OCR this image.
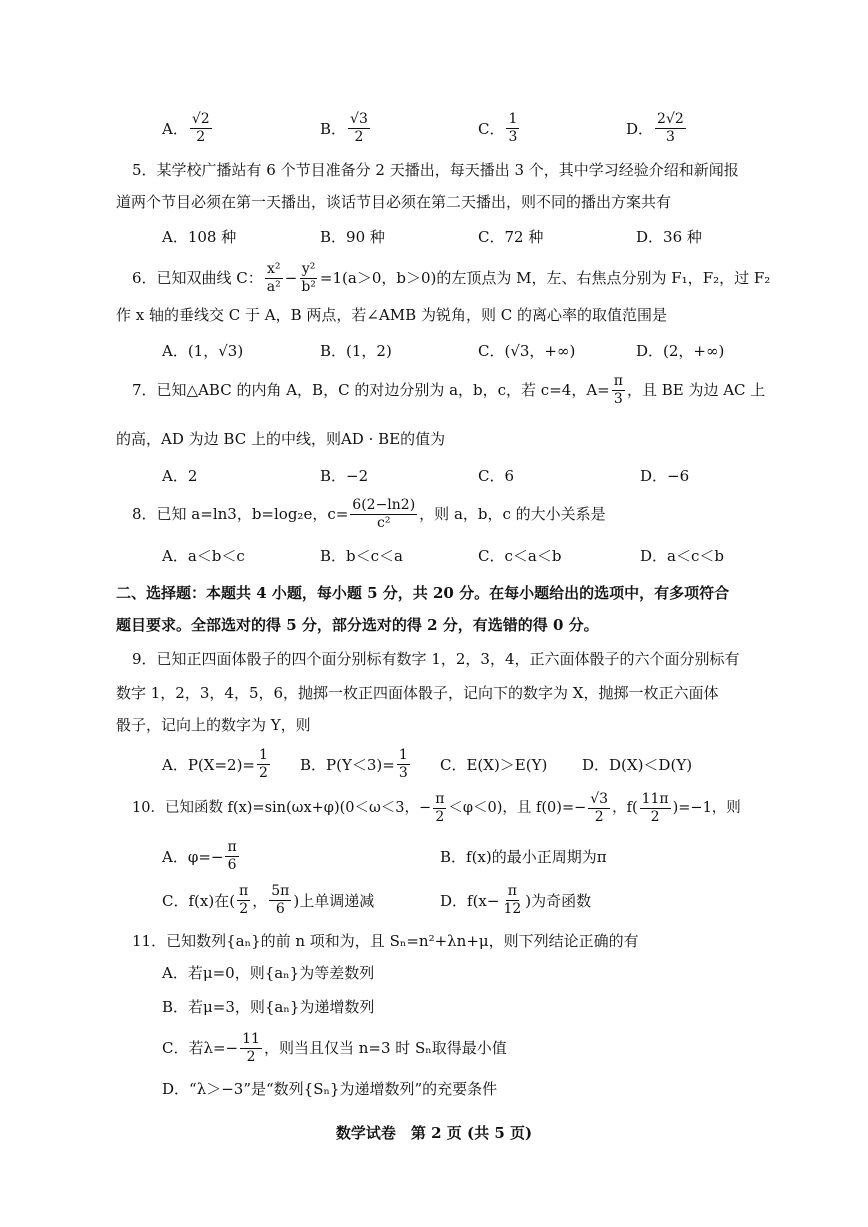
A． $\frac{√2}{2}$	B． $\frac{√3}{2}$	C． $\frac{1}{3}$	D． $\frac{2√2}{3}$
5．某学校广播站有 6 个节目准备分 2 天播出，每天播出 3 个，其中学习经验介绍和新闻报
道两个节目必须在第一天播出，谈话节目必须在第二天播出，则不同的播出方案共有
A．108 种	B．90 种	C．72 种	D．36 种
6．已知双曲线 C： $\frac{\text{x²}}{\text{a²}} - \frac{\text{y²}}{\text{b²}} =1(a>0$，b＞0)的左顶点为 M，左、右焦点分别为 F₁，F₂，过 F₂
作 x 轴的垂线交 C 于 A，B 两点，若∠AMB 为锐角，则 C 的离心率的取值范围是
A．(1，√3)	B．(1，2)	C．(√3，+∞)	D．(2，+∞)
7．已知△ABC 的内角 A，B，C 的对边分别为 a，b，c，若 c=4，$A= \frac{\pi}{3}$ ，且 BE 为边 AC 上
的高，AD 为边 BC 上的中线，则AD · BE的值为
A．2	B．−2	C．6	D．−6
8．已知 a=ln3，b=log₂e，$c= \frac{6(2-\ln 2)}{\text{c²}}$ ，则 a，b，c 的大小关系是
A．a＜b＜c	B．b＜c＜a	C．c＜a＜b	D．a＜c＜b
二、选择题：本题共 4 小题，每小题 5 分，共 20 分。在每小题给出的选项中，有多项符合
题目要求。全部选对的得 5 分，部分选对的得 2 分，有选错的得 0 分。
9．已知正四面体骰子的四个面分别标有数字 1，2，3，4，正六面体骰子的六个面分别标有
数字 1，2，3，4，5，6，抛掷一枚正四面体骰子，记向下的数字为 X，抛掷一枚正六面体
骰子，记向上的数字为 Y，则
A．$P(X=2)= \frac{1}{2}$ B．$P(Y<3)= \frac{1}{3}$ C．E(X)＞E(Y) D．D(X)＜D(Y)
10．已知函数 f(x)=sin(ωx+φ)(0＜ω＜3，− $\frac{\pi}{2} <\varphi<0$)，且 $f(0)=- \frac{√3}{2}$ ，$f( \frac{11\pi}{2} )=-1$，则
A．$\varphi=- \frac{\pi}{6}$	B．f(x)的最小正周期为π
C．f(x)在( $\frac{\pi}{2}$ ， $\frac{5\pi}{6}$ )上单调递减	D．$f(x- \frac{\pi}{12}$ )为奇函数
11．已知数列{aₙ}的前 n 项和为，且 Sₙ=n²+λn+μ，则下列结论正确的有
A．若μ=0，则{aₙ}为等差数列
B．若μ=3，则{aₙ}为递增数列
C．若$\lambda=- \frac{11}{2}$ ，则当且仅当 n=3 时 Sₙ取得最小值
D．“λ＞−3”是“数列{Sₙ}为递增数列”的充要条件
数学试卷　第 2 页 (共 5 页)
